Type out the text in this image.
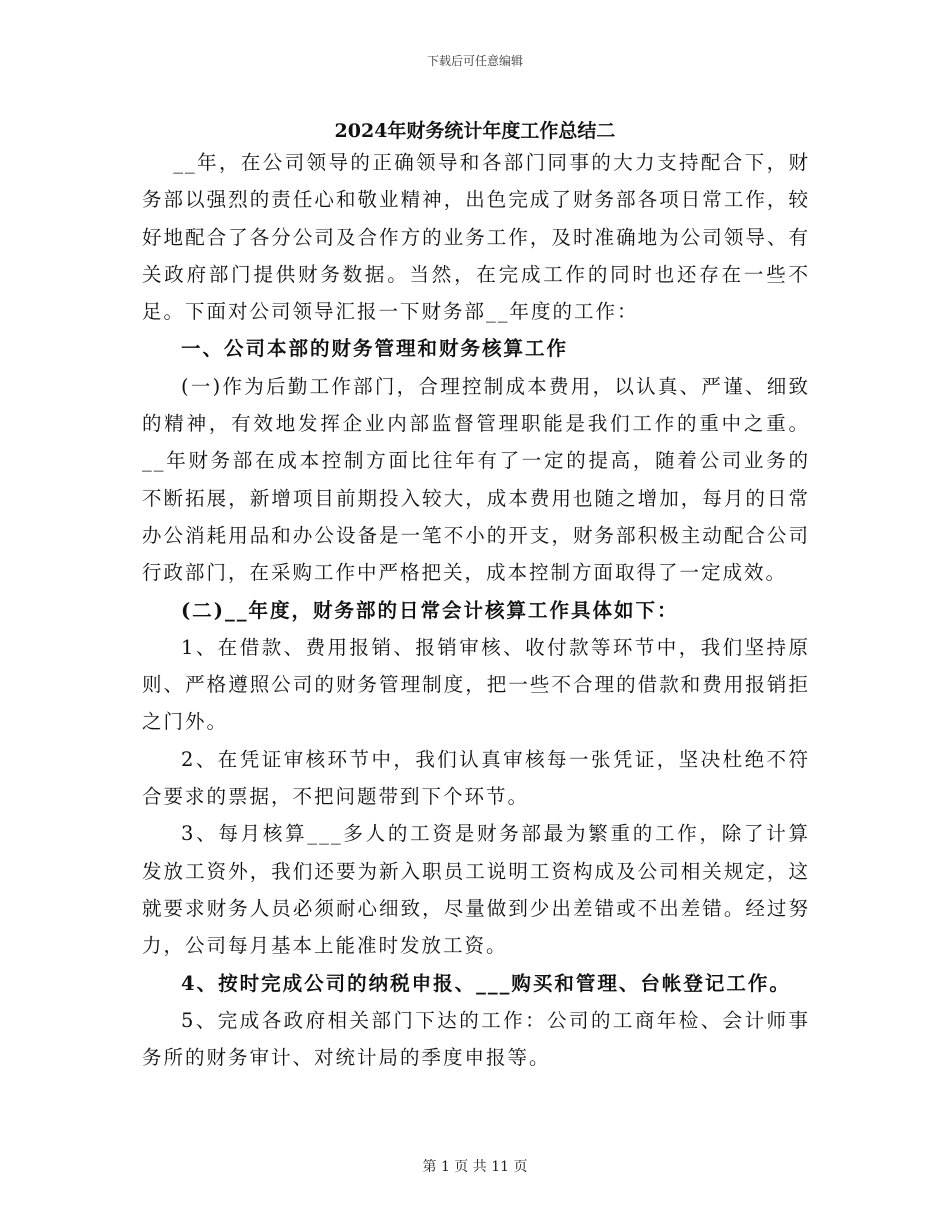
下载后可任意编辑
2024年财务统计年度工作总结二

__年，在公司领导的正确领导和各部门同事的大力支持配合下，财务部以强烈的责任心和敬业精神，出色完成了财务部各项日常工作，较好地配合了各分公司及合作方的业务工作，及时准确地为公司领导、有关政府部门提供财务数据。当然，在完成工作的同时也还存在一些不足。下面对公司领导汇报一下财务部__年度的工作：

一、公司本部的财务管理和财务核算工作

(一)作为后勤工作部门，合理控制成本费用，以认真、严谨、细致的精神，有效地发挥企业内部监督管理职能是我们工作的重中之重。__年财务部在成本控制方面比往年有了一定的提高，随着公司业务的不断拓展，新增项目前期投入较大，成本费用也随之增加，每月的日常办公消耗用品和办公设备是一笔不小的开支，财务部积极主动配合公司行政部门，在采购工作中严格把关，成本控制方面取得了一定成效。

(二)__年度，财务部的日常会计核算工作具体如下：

1、在借款、费用报销、报销审核、收付款等环节中，我们坚持原则、严格遵照公司的财务管理制度，把一些不合理的借款和费用报销拒之门外。

2、在凭证审核环节中，我们认真审核每一张凭证，坚决杜绝不符合要求的票据，不把问题带到下个环节。

3、每月核算___多人的工资是财务部最为繁重的工作，除了计算发放工资外，我们还要为新入职员工说明工资构成及公司相关规定，这就要求财务人员必须耐心细致，尽量做到少出差错或不出差错。经过努力，公司每月基本上能准时发放工资。

4、按时完成公司的纳税申报、___购买和管理、台帐登记工作。

5、完成各政府相关部门下达的工作：公司的工商年检、会计师事务所的财务审计、对统计局的季度申报等。

第 1 页 共 11 页
